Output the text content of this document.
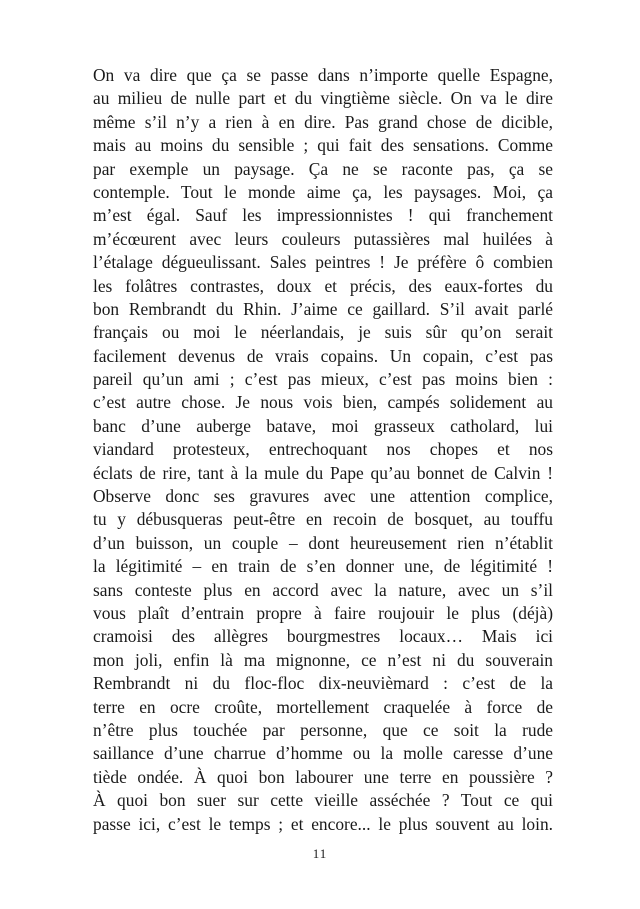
On va dire que ça se passe dans n’importe quelle Espagne,
au milieu de nulle part et du vingtième siècle. On va le dire
même s’il n’y a rien à en dire. Pas grand chose de dicible,
mais au moins du sensible ; qui fait des sensations. Comme
par exemple un paysage. Ça ne se raconte pas, ça se
contemple. Tout le monde aime ça, les paysages. Moi, ça
m’est égal. Sauf les impressionnistes ! qui franchement
m’écœurent avec leurs couleurs putassières mal huilées à
l’étalage dégueulissant. Sales peintres ! Je préfère ô combien
les folâtres contrastes, doux et précis, des eaux-fortes du
bon Rembrandt du Rhin. J’aime ce gaillard. S’il avait parlé
français ou moi le néerlandais, je suis sûr qu’on serait
facilement devenus de vrais copains. Un copain, c’est pas
pareil qu’un ami ; c’est pas mieux, c’est pas moins bien :
c’est autre chose. Je nous vois bien, campés solidement au
banc d’une auberge batave, moi grasseux catholard, lui
viandard protesteux, entrechoquant nos chopes et nos
éclats de rire, tant à la mule du Pape qu’au bonnet de Calvin !
Observe donc ses gravures avec une attention complice,
tu y débusqueras peut-être en recoin de bosquet, au touffu
d’un buisson, un couple – dont heureusement rien n’établit
la légitimité – en train de s’en donner une, de légitimité !
sans conteste plus en accord avec la nature, avec un s’il
vous plaît d’entrain propre à faire roujouir le plus (déjà)
cramoisi des allègres bourgmestres locaux… Mais ici
mon joli, enfin là ma mignonne, ce n’est ni du souverain
Rembrandt ni du floc-floc dix-neuvièmard : c’est de la
terre en ocre croûte, mortellement craquelée à force de
n’être plus touchée par personne, que ce soit la rude
saillance d’une charrue d’homme ou la molle caresse d’une
tiède ondée. À quoi bon labourer une terre en poussière ?
À quoi bon suer sur cette vieille asséchée ? Tout ce qui
passe ici, c’est le temps ; et encore... le plus souvent au loin.
11
